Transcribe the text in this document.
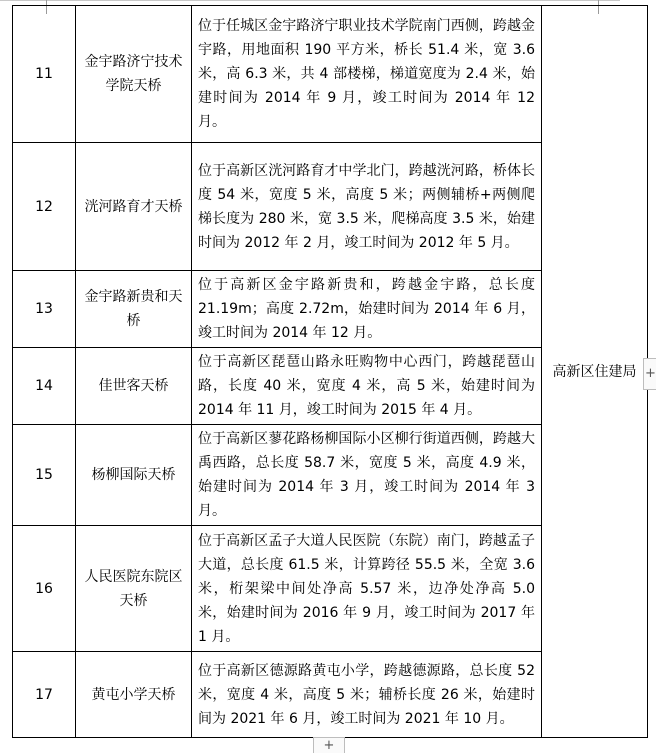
11	金宇路济宁技术学院天桥	位于任城区金宇路济宁职业技术学院南门西侧，跨越金宇路，用地面积 190 平方米，桥长 51.4 米，宽 3.6 米，高 6.3 米，共 4 部楼梯，梯道宽度为 2.4 米，始建时间为 2014 年 9 月，竣工时间为 2014 年 12 月。	高新区住建局
12	洸河路育才天桥	位于高新区洸河路育才中学北门，跨越洸河路，桥体长度 54 米，宽度 5 米，高度 5 米；两侧辅桥+两侧爬梯长度为 280 米，宽 3.5 米，爬梯高度 3.5 米，始建时间为 2012 年 2 月，竣工时间为 2012 年 5 月。	
13	金宇路新贵和天桥	位于高新区金宇路新贵和，跨越金宇路，总长度 21.19m；高度 2.72m，始建时间为 2014 年 6 月，竣工时间为 2014 年 12 月。	
14	佳世客天桥	位于高新区琵琶山路永旺购物中心西门，跨越琵琶山路，长度 40 米，宽度 4 米，高 5 米，始建时间为 2014 年 11 月，竣工时间为 2015 年 4 月。	
15	杨柳国际天桥	位于高新区蓼花路杨柳国际小区柳行街道西侧，跨越大禹西路，总长度 58.7 米，宽度 5 米，高度 4.9 米，始建时间为 2014 年 3 月，竣工时间为 2014 年 3 月。	
16	人民医院东院区天桥	位于高新区孟子大道人民医院（东院）南门，跨越孟子大道，总长度 61.5 米，计算跨径 55.5 米，全宽 3.6 米，桁架梁中间处净高 5.57 米，边净处净高 5.0 米，始建时间为 2016 年 9 月，竣工时间为 2017 年 1 月。	
17	黄屯小学天桥	位于高新区德源路黄屯小学，跨越德源路，总长度 52 米，宽度 4 米，高度 5 米；辅桥长度 26 米，始建时间为 2021 年 6 月，竣工时间为 2021 年 10 月。	
+
+
